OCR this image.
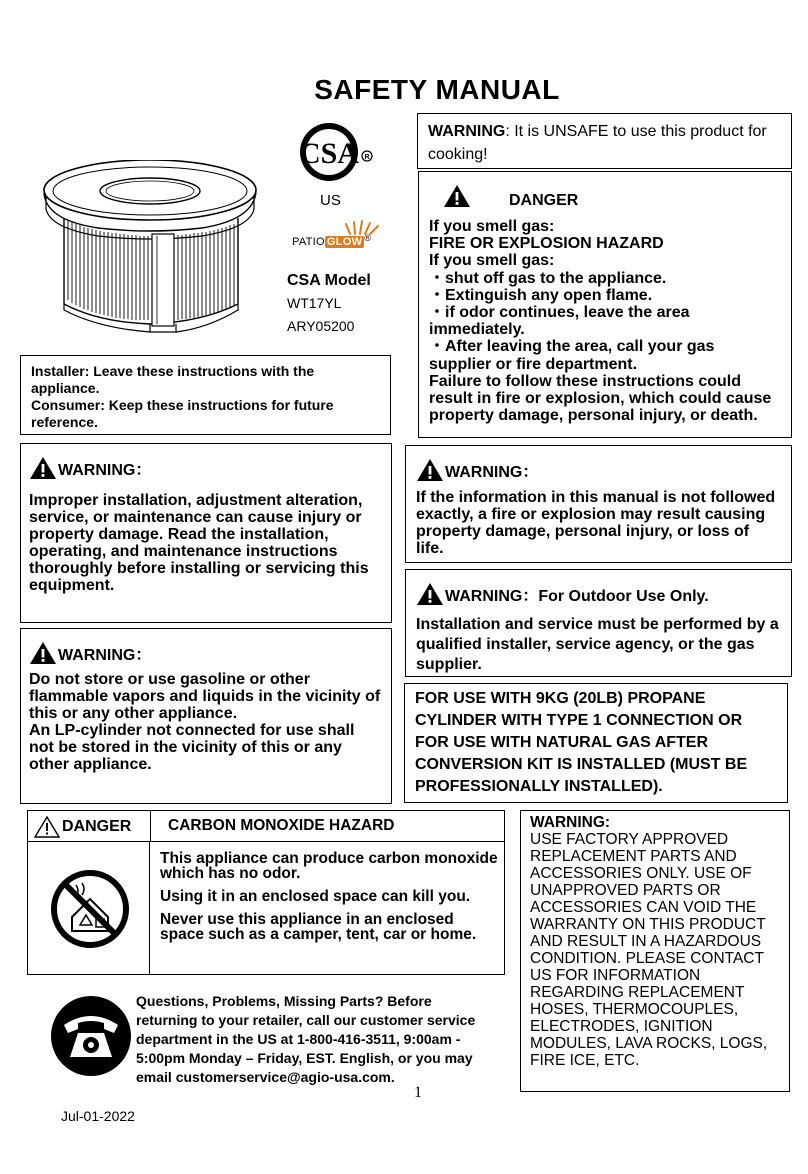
SAFETY MANUAL
CSA R
US
PATIO GLOW ®
CSA Model
WT17YL
ARY05200
WARNING: It is UNSAFE to use this product for cooking!
DANGER

If you smell gas:

FIRE OR EXPLOSION HAZARD

If you smell gas:

・shut off gas to the appliance.

・Extinguish any open flame.

・if odor continues, leave the area immediately.

・After leaving the area, call your gas supplier or fire department.

Failure to follow these instructions could result in fire or explosion, which could cause property damage, personal injury, or death.

Installer: Leave these instructions with the appliance.

Consumer: Keep these instructions for future reference.

WARNING：

Improper installation, adjustment alteration, service, or maintenance can cause injury or property damage. Read the installation, operating, and maintenance instructions thoroughly before installing or servicing this equipment.

WARNING：

If the information in this manual is not followed exactly, a fire or explosion may result causing property damage, personal injury, or loss of life.

WARNING：For Outdoor Use Only.

Installation and service must be performed by a qualified installer, service agency, or the gas supplier.

WARNING：

Do not store or use gasoline or other flammable vapors and liquids in the vicinity of this or any other appliance.

An LP-cylinder not connected for use shall not be stored in the vicinity of this or any other appliance.

FOR USE WITH 9KG (20LB) PROPANE CYLINDER WITH TYPE 1 CONNECTION OR FOR USE WITH NATURAL GAS AFTER CONVERSION KIT IS INSTALLED (MUST BE PROFESSIONALLY INSTALLED).

DANGER CARBON MONOXIDE HAZARD

This appliance can produce carbon monoxide which has no odor.

Using it in an enclosed space can kill you.

Never use this appliance in an enclosed space such as a camper, tent, car or home.

WARNING:

USE FACTORY APPROVED REPLACEMENT PARTS AND ACCESSORIES ONLY. USE OF UNAPPROVED PARTS OR ACCESSORIES CAN VOID THE WARRANTY ON THIS PRODUCT AND RESULT IN A HAZARDOUS CONDITION. PLEASE CONTACT US FOR INFORMATION REGARDING REPLACEMENT HOSES, THERMOCOUPLES, ELECTRODES, IGNITION MODULES, LAVA ROCKS, LOGS, FIRE ICE, ETC.

Questions, Problems, Missing Parts? Before returning to your retailer, call our customer service department in the US at 1-800-416-3511, 9:00am - 5:00pm Monday – Friday, EST. English, or you may email customerservice@agio-usa.com.

1
Jul-01-2022
